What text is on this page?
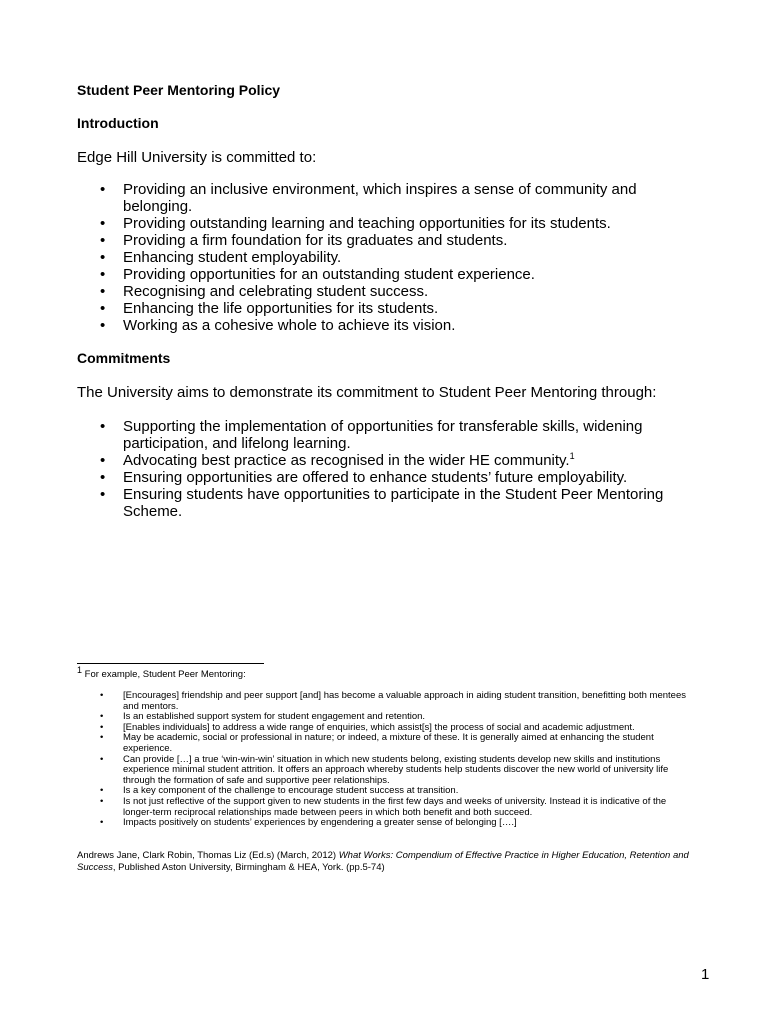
Student Peer Mentoring Policy

Introduction

Edge Hill University is committed to:

• Providing an inclusive environment, which inspires a sense of community and belonging.
• Providing outstanding learning and teaching opportunities for its students.
• Providing a firm foundation for its graduates and students.
• Enhancing student employability.
• Providing opportunities for an outstanding student experience.
• Recognising and celebrating student success.
• Enhancing the life opportunities for its students.
• Working as a cohesive whole to achieve its vision.

Commitments

The University aims to demonstrate its commitment to Student Peer Mentoring through:

• Supporting the implementation of opportunities for transferable skills, widening participation, and lifelong learning.
• Advocating best practice as recognised in the wider HE community.$^1$
• Ensuring opportunities are offered to enhance students’ future employability.
• Ensuring students have opportunities to participate in the Student Peer Mentoring Scheme.

$^1$ For example, Student Peer Mentoring:

• [Encourages] friendship and peer support [and] has become a valuable approach in aiding student transition, benefitting both mentees and mentors.
• Is an established support system for student engagement and retention.
• [Enables individuals] to address a wide range of enquiries, which assist[s] the process of social and academic adjustment.
• May be academic, social or professional in nature; or indeed, a mixture of these. It is generally aimed at enhancing the student experience.
• Can provide […] a true ‘win-win-win’ situation in which new students belong, existing students develop new skills and institutions experience minimal student attrition. It offers an approach whereby students help students discover the new world of university life through the formation of safe and supportive peer relationships.
• Is a key component of the challenge to encourage student success at transition.
• Is not just reflective of the support given to new students in the first few days and weeks of university. Instead it is indicative of the longer-term reciprocal relationships made between peers in which both benefit and both succeed.
• Impacts positively on students’ experiences by engendering a greater sense of belonging [….]

Andrews Jane, Clark Robin, Thomas Liz (Ed.s) (March, 2012) What Works: Compendium of Effective Practice in Higher Education, Retention and Success, Published Aston University, Birmingham & HEA, York. (pp.5-74)

1
